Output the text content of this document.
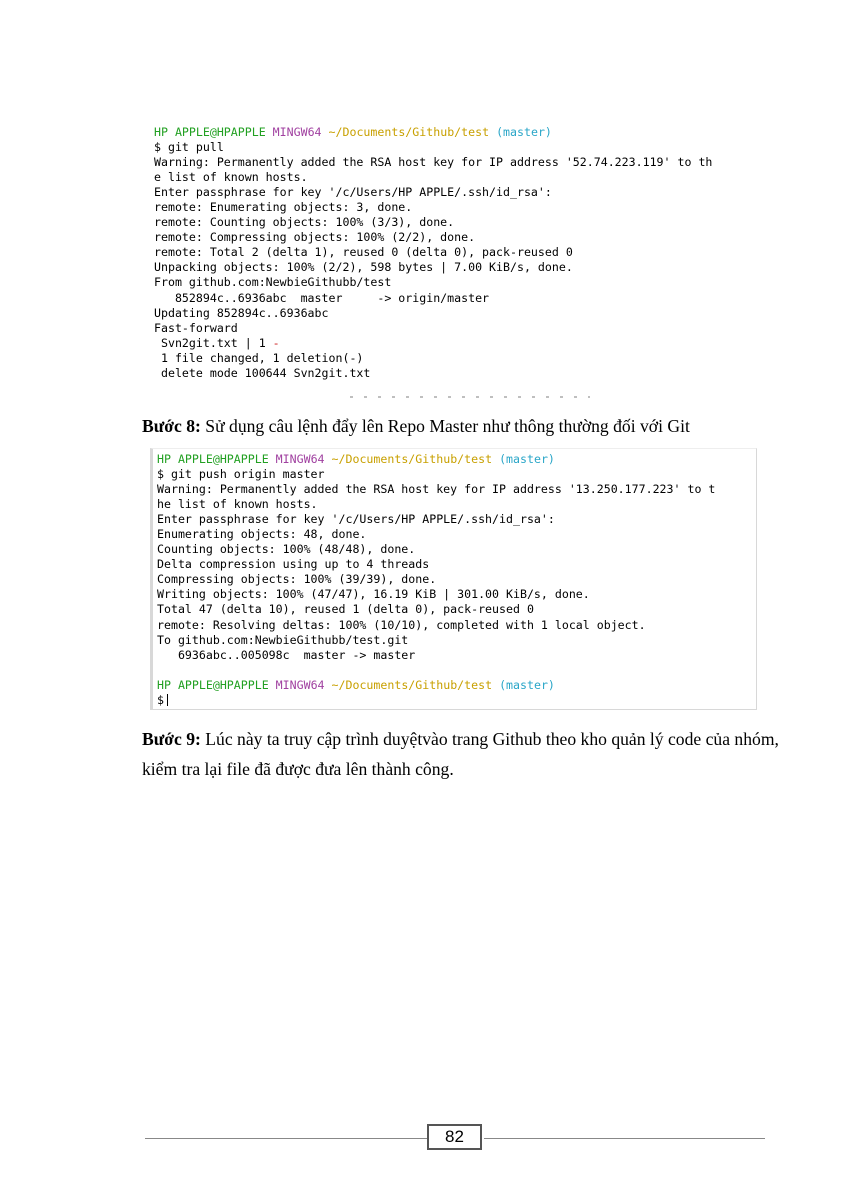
HP APPLE@HPAPPLE MINGW64 ~/Documents/Github/test (master)
$ git pull
Warning: Permanently added the RSA host key for IP address '52.74.223.119' to th
e list of known hosts.
Enter passphrase for key '/c/Users/HP APPLE/.ssh/id_rsa':
remote: Enumerating objects: 3, done.
remote: Counting objects: 100% (3/3), done.
remote: Compressing objects: 100% (2/2), done.
remote: Total 2 (delta 1), reused 0 (delta 0), pack-reused 0
Unpacking objects: 100% (2/2), 598 bytes | 7.00 KiB/s, done.
From github.com:NewbieGithubb/test
852894c..6936abc  master     -> origin/master
Updating 852894c..6936abc
Fast-forward
Svn2git.txt | 1 -
1 file changed, 1 deletion(-)
delete mode 100644 Svn2git.txt
Bước 8: Sử dụng câu lệnh đẩy lên Repo Master như thông thường đối với Git
HP APPLE@HPAPPLE MINGW64 ~/Documents/Github/test (master)
$ git push origin master
Warning: Permanently added the RSA host key for IP address '13.250.177.223' to t
he list of known hosts.
Enter passphrase for key '/c/Users/HP APPLE/.ssh/id_rsa':
Enumerating objects: 48, done.
Counting objects: 100% (48/48), done.
Delta compression using up to 4 threads
Compressing objects: 100% (39/39), done.
Writing objects: 100% (47/47), 16.19 KiB | 301.00 KiB/s, done.
Total 47 (delta 10), reused 1 (delta 0), pack-reused 0
remote: Resolving deltas: 100% (10/10), completed with 1 local object.
To github.com:NewbieGithubb/test.git
6936abc..005098c  master -> master
HP APPLE@HPAPPLE MINGW64 ~/Documents/Github/test (master)
$
Bước 9: Lúc này ta truy cập trình duyệtvào trang Github theo kho quản lý code của nhóm, kiểm tra lại file đã được đưa lên thành công.
82
